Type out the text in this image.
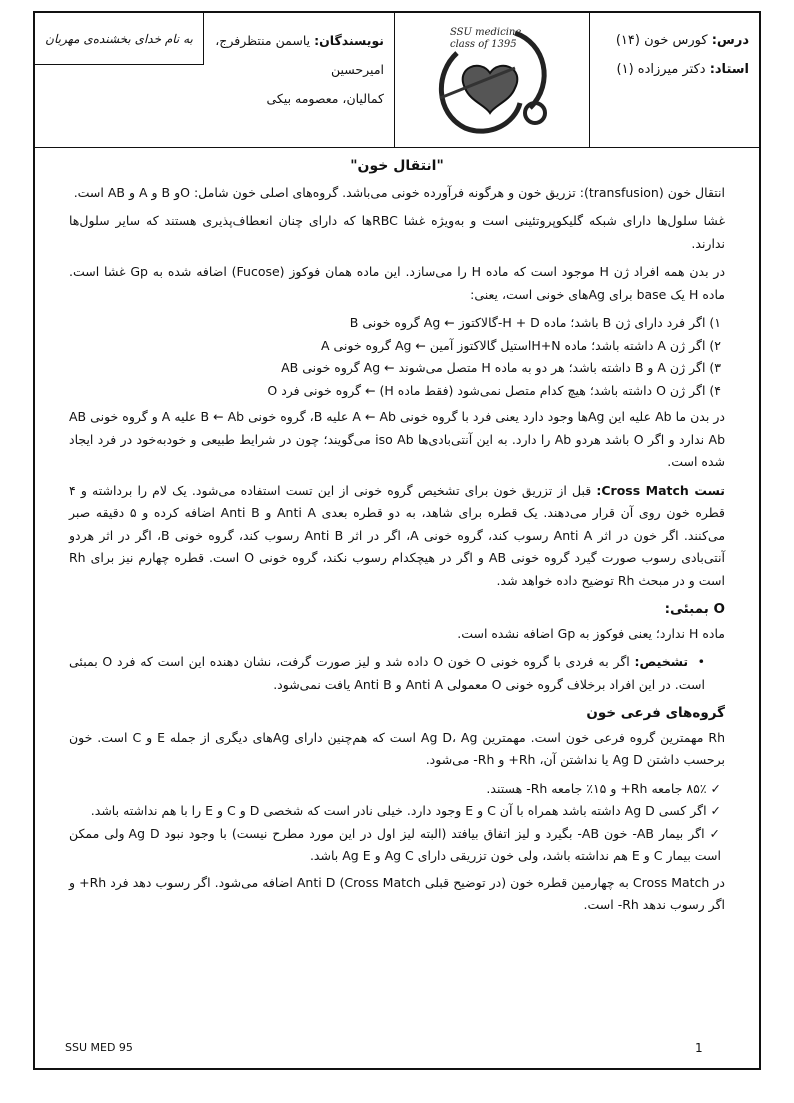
درس: کورس خون (۱۴)
استاد: دکتر میرزاده (۱)
SSU medicine
class of 1395
نویسندگان: یاسمن منتظرفرج، امیرحسین
کمالیان، معصومه بیکی
به نام خدای بخشنده‌ی مهربان
"انتقال خون"

انتقال خون (transfusion): تزریق خون و هرگونه فرآورده خونی می‌باشد. گروه‌های اصلی خون شامل: Oو B و A و AB است.

غشا سلول‌ها دارای شبکه گلیکوپروتئینی است و به‌ویژه غشا RBCها که دارای چنان انعطاف‌پذیری هستند که سایر سلول‌ها ندارند.

در بدن همه افراد ژن H موجود است که ماده H را می‌سازد. این ماده همان فوکوز (Fucose) اضافه شده به Gp غشا است. ماده H یک base برای Agهای خونی است، یعنی:

۱) اگر فرد دارای ژن B باشد؛ ماده H + D-گالاکتوز ← Ag گروه خونی B
۲) اگر ژن A داشته باشد؛ ماده H+Nاستیل گالاکتوز آمین ← Ag گروه خونی A
۳) اگر ژن A و B داشته باشد؛ هر دو به ماده H متصل می‌شوند ← Ag گروه خونی AB
۴) اگر ژن O داشته باشد؛ هیچ کدام متصل نمی‌شود (فقط ماده H) ← گروه خونی فرد O

در بدن ما Ab علیه این Agها وجود دارد یعنی فرد با گروه خونی A ← Ab علیه B، گروه خونی B ← Ab علیه A و گروه خونی AB Ab ندارد و اگر O باشد هردو Ab را دارد. به این آنتی‌بادی‌ها iso Ab می‌گویند؛ چون در شرایط طبیعی و خودبه‌خود در فرد ایجاد شده است.

تست Cross Match: قبل از تزریق خون برای تشخیص گروه خونی از این تست استفاده می‌شود. یک لام را برداشته و ۴ قطره خون روی آن قرار می‌دهند. یک قطره برای شاهد، به دو قطره بعدی Anti A و Anti B اضافه کرده و ۵ دقیقه صبر می‌کنند. اگر خون در اثر Anti A رسوب کند، گروه خونی A، اگر در اثر Anti B رسوب کند، گروه خونی B، اگر در اثر هردو آنتی‌بادی رسوب صورت گیرد گروه خونی AB و اگر در هیچکدام رسوب نکند، گروه خونی O است. قطره چهارم نیز برای Rh است و در مبحث Rh توضیح داده خواهد شد.

O بمبئی:

ماده H ندارد؛ یعنی فوکوز به Gp اضافه نشده است.

•  تشخیص: اگر به فردی با گروه خونی O خون O داده شد و لیز صورت گرفت، نشان دهنده این است که فرد O بمبئی است. در این افراد برخلاف گروه خونی O معمولی Anti A و Anti B یافت نمی‌شود.

گروه‌های فرعی خون

Rh مهمترین گروه فرعی خون است. مهمترین Ag D، Ag است که هم‌چنین دارای Agهای دیگری از جمله E و C است. خون برحسب داشتن Ag D یا نداشتن آن، Rh+ و Rh- می‌شود.

✓ ۸۵٪ جامعه Rh+ و ۱۵٪ جامعه Rh- هستند.
✓ اگر کسی Ag D داشته باشد همراه با آن C و E وجود دارد. خیلی نادر است که شخصی D و C و E را با هم نداشته باشد.
✓ اگر بیمار AB- خون AB- بگیرد و لیز اتفاق بیافتد (البته لیز اول در این مورد مطرح نیست) با وجود نبود Ag D ولی ممکن است بیمار C و E هم نداشته باشد، ولی خون تزریقی دارای Ag C و Ag E باشد.

در Cross Match به چهارمین قطره خون (در توضیح قبلی Cross Match) Anti D اضافه می‌شود. اگر رسوب دهد فرد Rh+ و اگر رسوب ندهد Rh- است.

SSU MED 95	1
